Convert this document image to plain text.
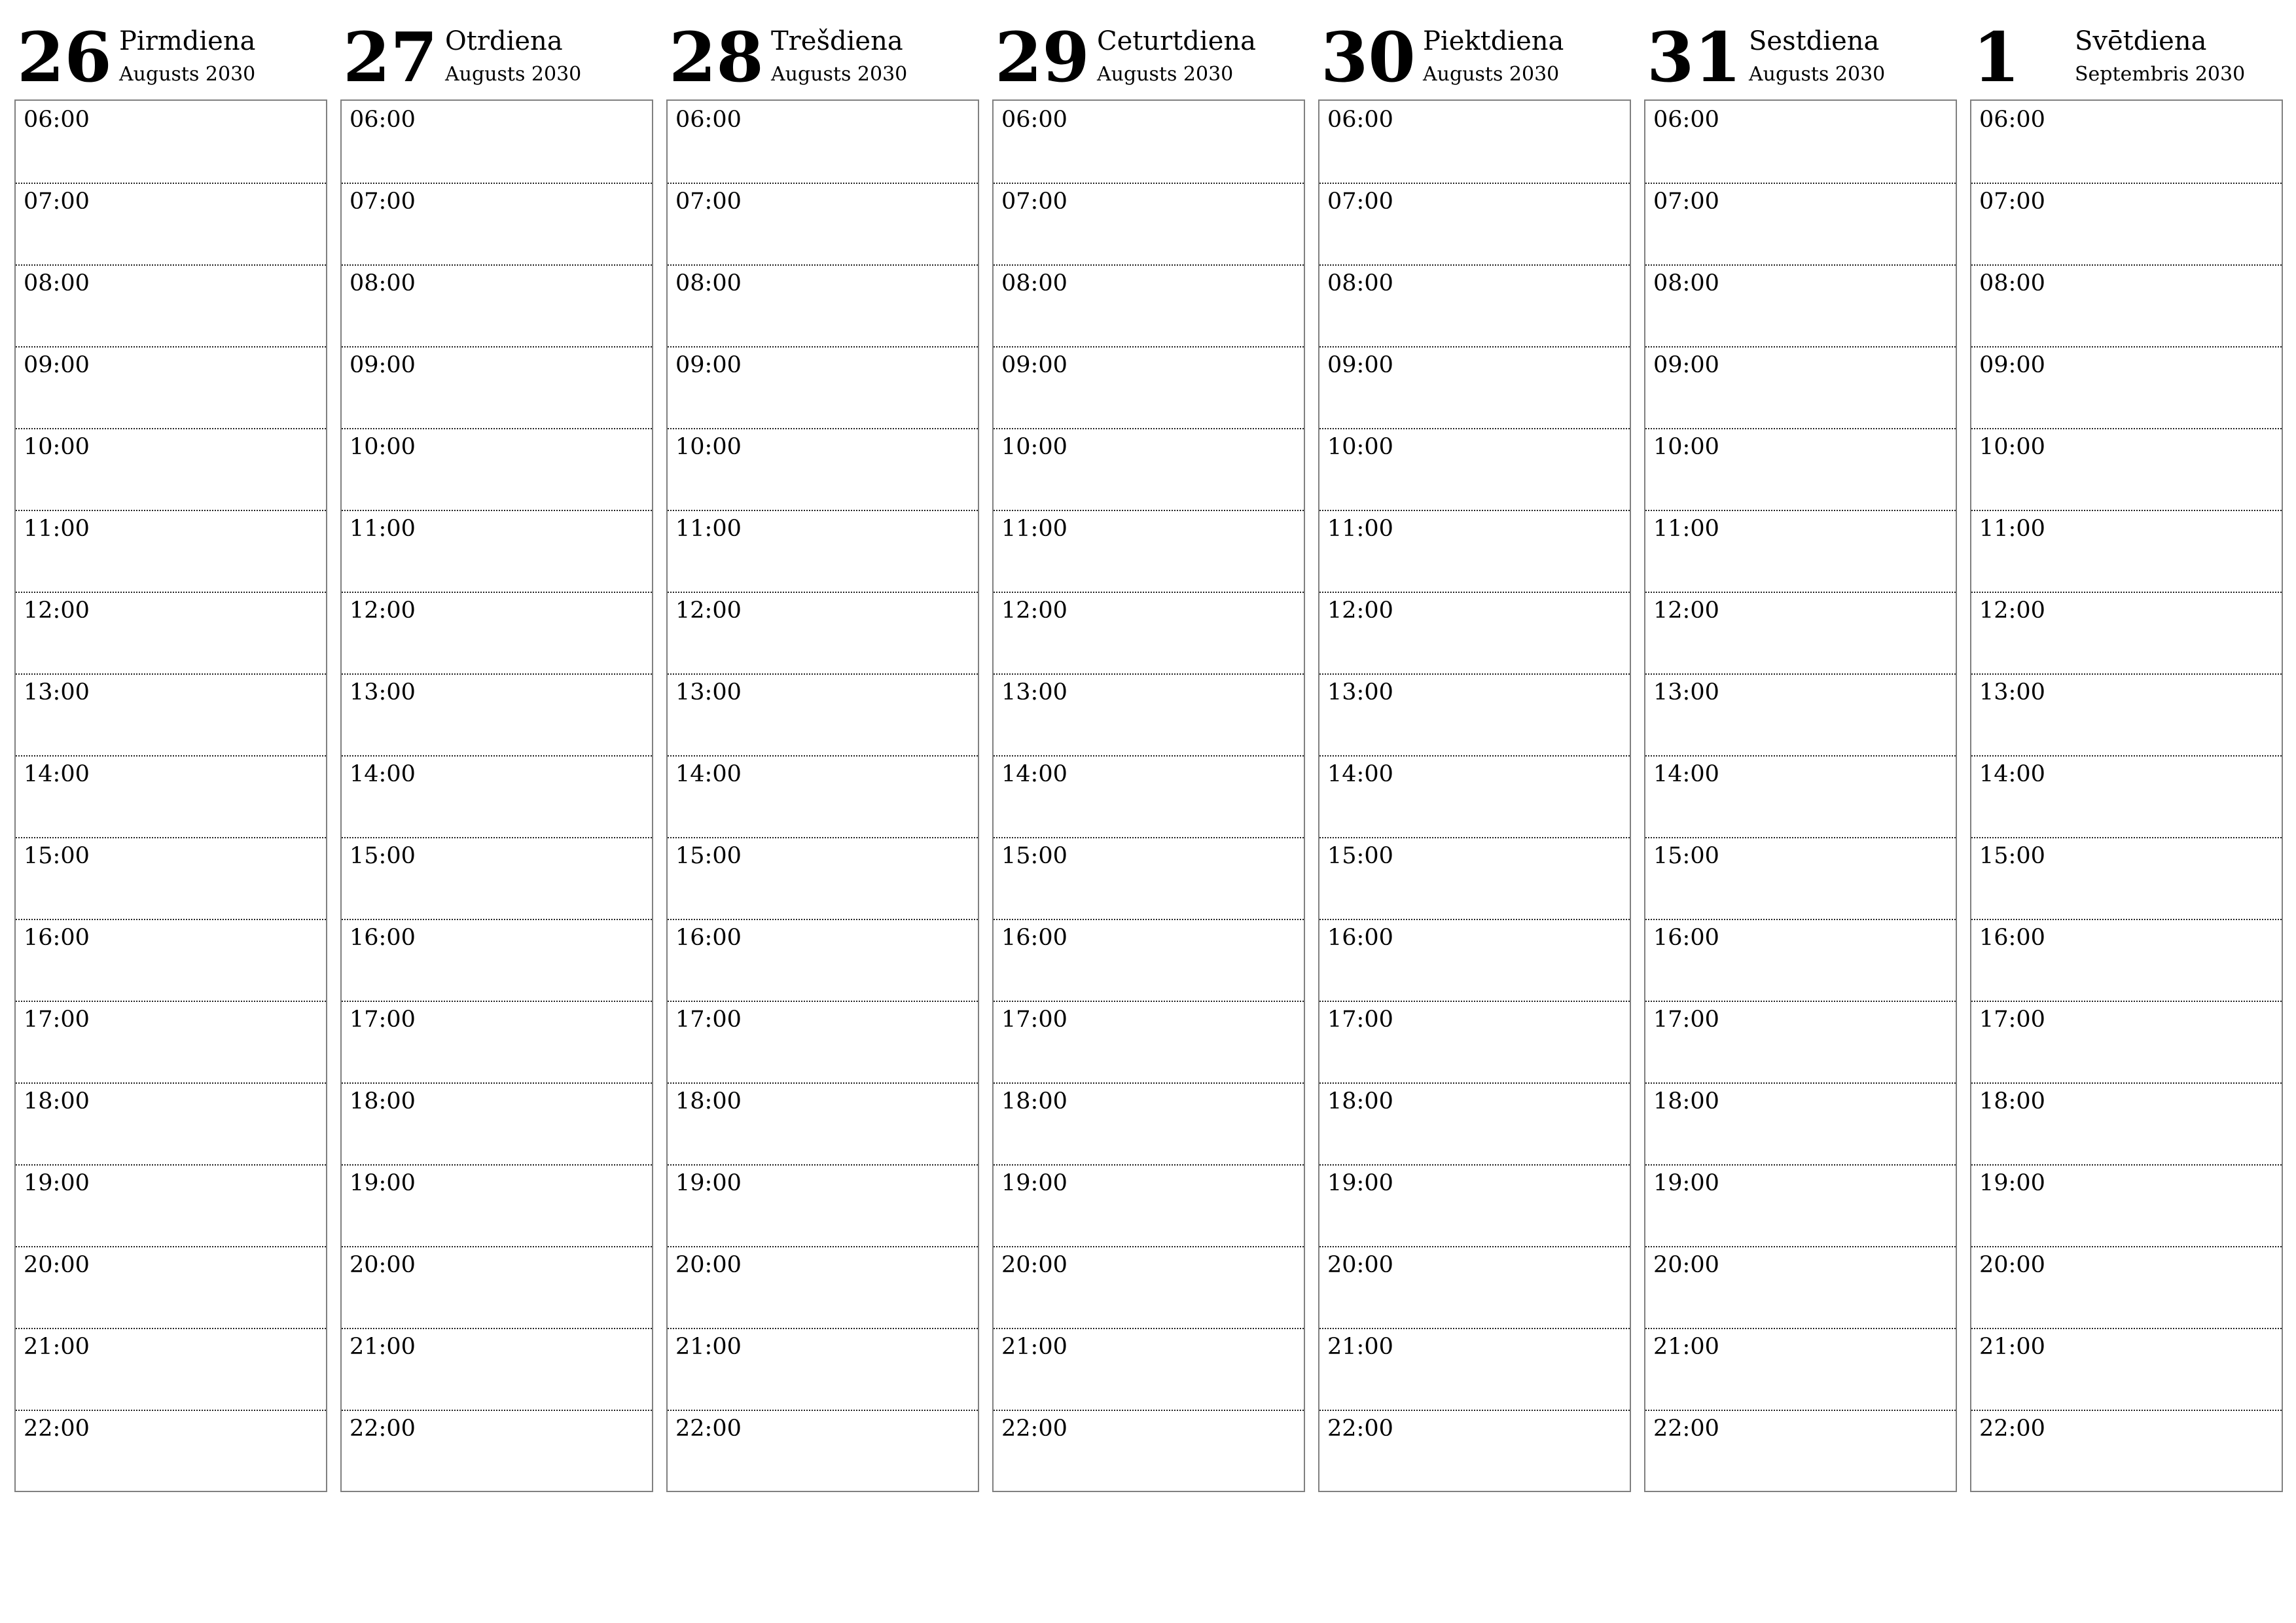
26 Pirmdiena
Augusts 2030
06:00
07:00
08:00
09:00
10:00
11:00
12:00
13:00
14:00
15:00
16:00
17:00
18:00
19:00
20:00
21:00
22:00
27 Otrdiena
Augusts 2030
06:00
07:00
08:00
09:00
10:00
11:00
12:00
13:00
14:00
15:00
16:00
17:00
18:00
19:00
20:00
21:00
22:00
28 Trešdiena
Augusts 2030
06:00
07:00
08:00
09:00
10:00
11:00
12:00
13:00
14:00
15:00
16:00
17:00
18:00
19:00
20:00
21:00
22:00
29 Ceturtdiena
Augusts 2030
06:00
07:00
08:00
09:00
10:00
11:00
12:00
13:00
14:00
15:00
16:00
17:00
18:00
19:00
20:00
21:00
22:00
30 Piektdiena
Augusts 2030
06:00
07:00
08:00
09:00
10:00
11:00
12:00
13:00
14:00
15:00
16:00
17:00
18:00
19:00
20:00
21:00
22:00
31 Sestdiena
Augusts 2030
06:00
07:00
08:00
09:00
10:00
11:00
12:00
13:00
14:00
15:00
16:00
17:00
18:00
19:00
20:00
21:00
22:00
1 Svētdiena
Septembris 2030
06:00
07:00
08:00
09:00
10:00
11:00
12:00
13:00
14:00
15:00
16:00
17:00
18:00
19:00
20:00
21:00
22:00
